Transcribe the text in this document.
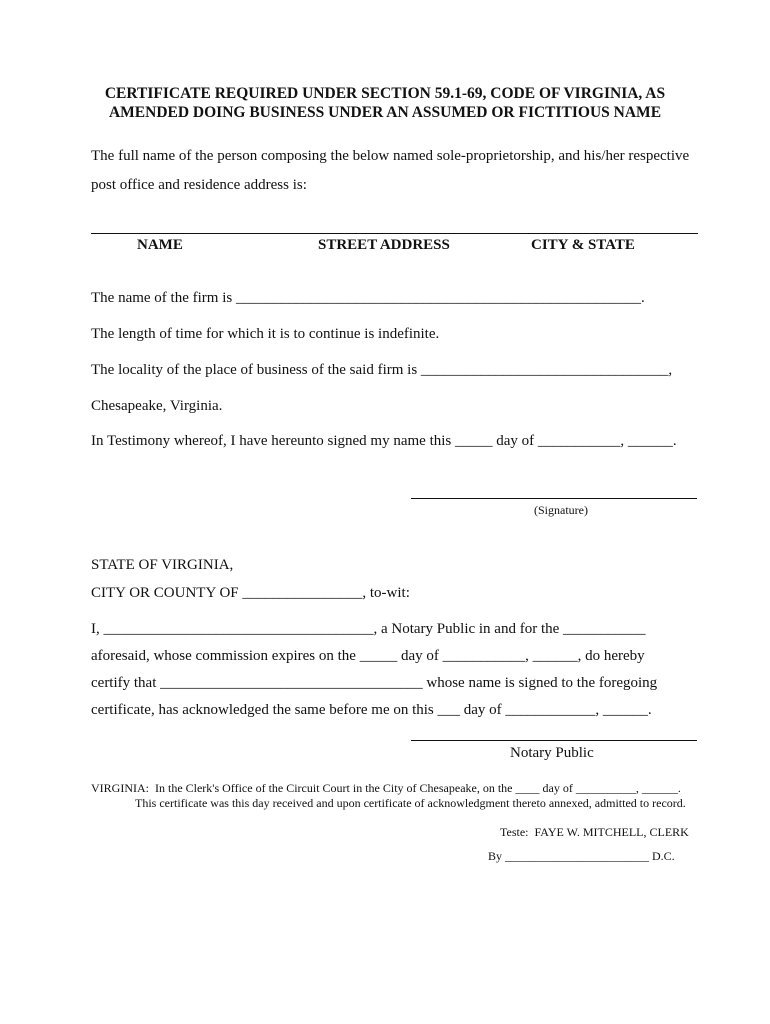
CERTIFICATE REQUIRED UNDER SECTION 59.1-69, CODE OF VIRGINIA, AS
AMENDED DOING BUSINESS UNDER AN ASSUMED OR FICTITIOUS NAME
The full name of the person composing the below named sole-proprietorship, and his/her respective
post office and residence address is:
NAME	STREET ADDRESS	CITY & STATE
The name of the firm is ______________________________________________________.
The length of time for which it is to continue is indefinite.
The locality of the place of business of the said firm is _________________________________,
Chesapeake, Virginia.
In Testimony whereof, I have hereunto signed my name this _____ day of ___________, ______.
(Signature)
STATE OF VIRGINIA,
CITY OR COUNTY OF ________________, to-wit:
I, ____________________________________, a Notary Public in and for the ___________
aforesaid, whose commission expires on the _____ day of ___________, ______, do hereby
certify that ___________________________________ whose name is signed to the foregoing
certificate, has acknowledged the same before me on this ___ day of ____________, ______.
Notary Public
VIRGINIA:  In the Clerk's Office of the Circuit Court in the City of Chesapeake, on the ____ day of __________, ______.
This certificate was this day received and upon certificate of acknowledgment thereto annexed, admitted to record.
Teste:  FAYE W. MITCHELL, CLERK
By ________________________ D.C.
